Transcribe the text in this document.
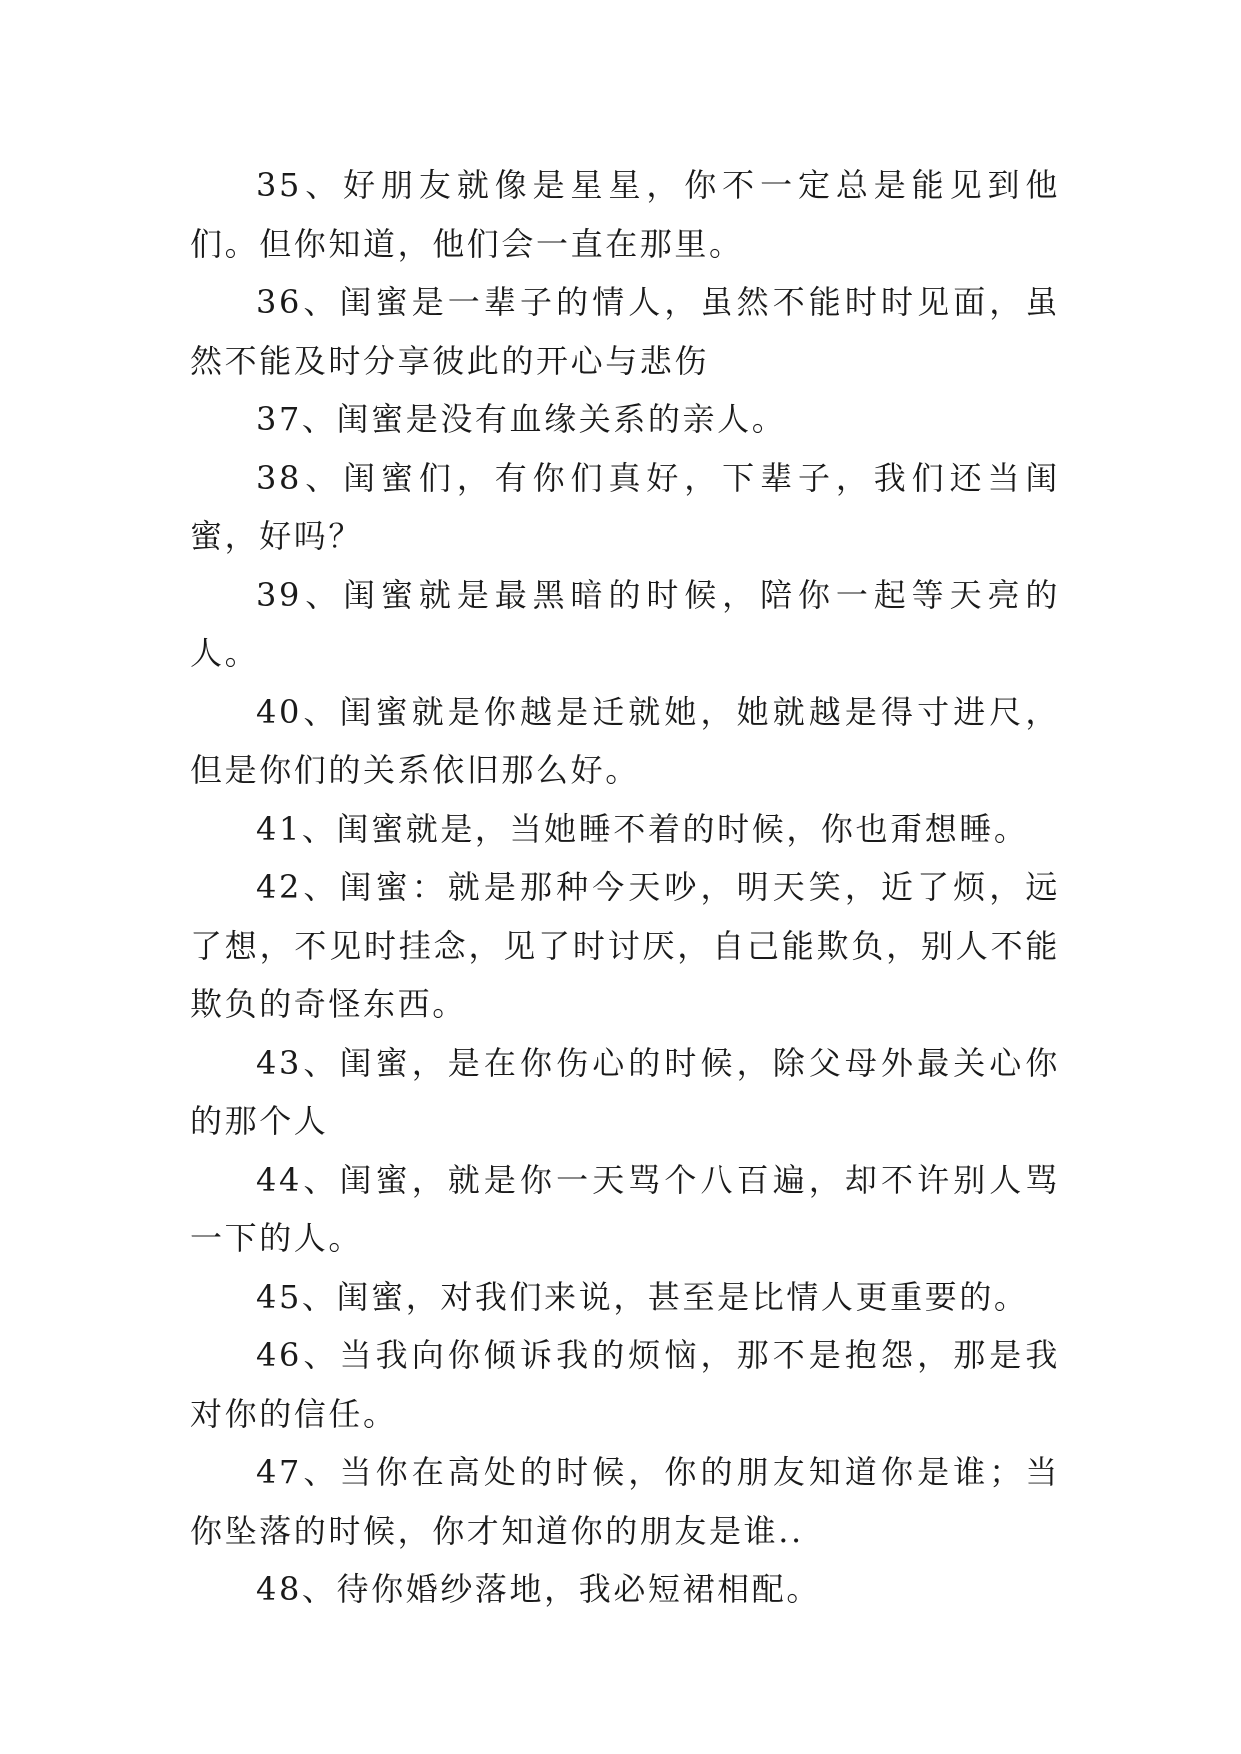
35、好朋友就像是星星，你不一定总是能见到他们。但你知道，他们会一直在那里。

36、闺蜜是一辈子的情人，虽然不能时时见面，虽然不能及时分享彼此的开心与悲伤

37、闺蜜是没有血缘关系的亲人。

38、闺蜜们，有你们真好，下辈子，我们还当闺蜜，好吗？

39、闺蜜就是最黑暗的时候，陪你一起等天亮的人。

40、闺蜜就是你越是迁就她，她就越是得寸进尺，但是你们的关系依旧那么好。

41、闺蜜就是，当她睡不着的时候，你也甭想睡。

42、闺蜜：就是那种今天吵，明天笑，近了烦，远了想，不见时挂念，见了时讨厌，自己能欺负，别人不能欺负的奇怪东西。

43、闺蜜，是在你伤心的时候，除父母外最关心你的那个人

44、闺蜜，就是你一天骂个八百遍，却不许别人骂一下的人。

45、闺蜜，对我们来说，甚至是比情人更重要的。

46、当我向你倾诉我的烦恼，那不是抱怨，那是我对你的信任。

47、当你在高处的时候，你的朋友知道你是谁；当你坠落的时候，你才知道你的朋友是谁..

48、待你婚纱落地，我必短裙相配。
